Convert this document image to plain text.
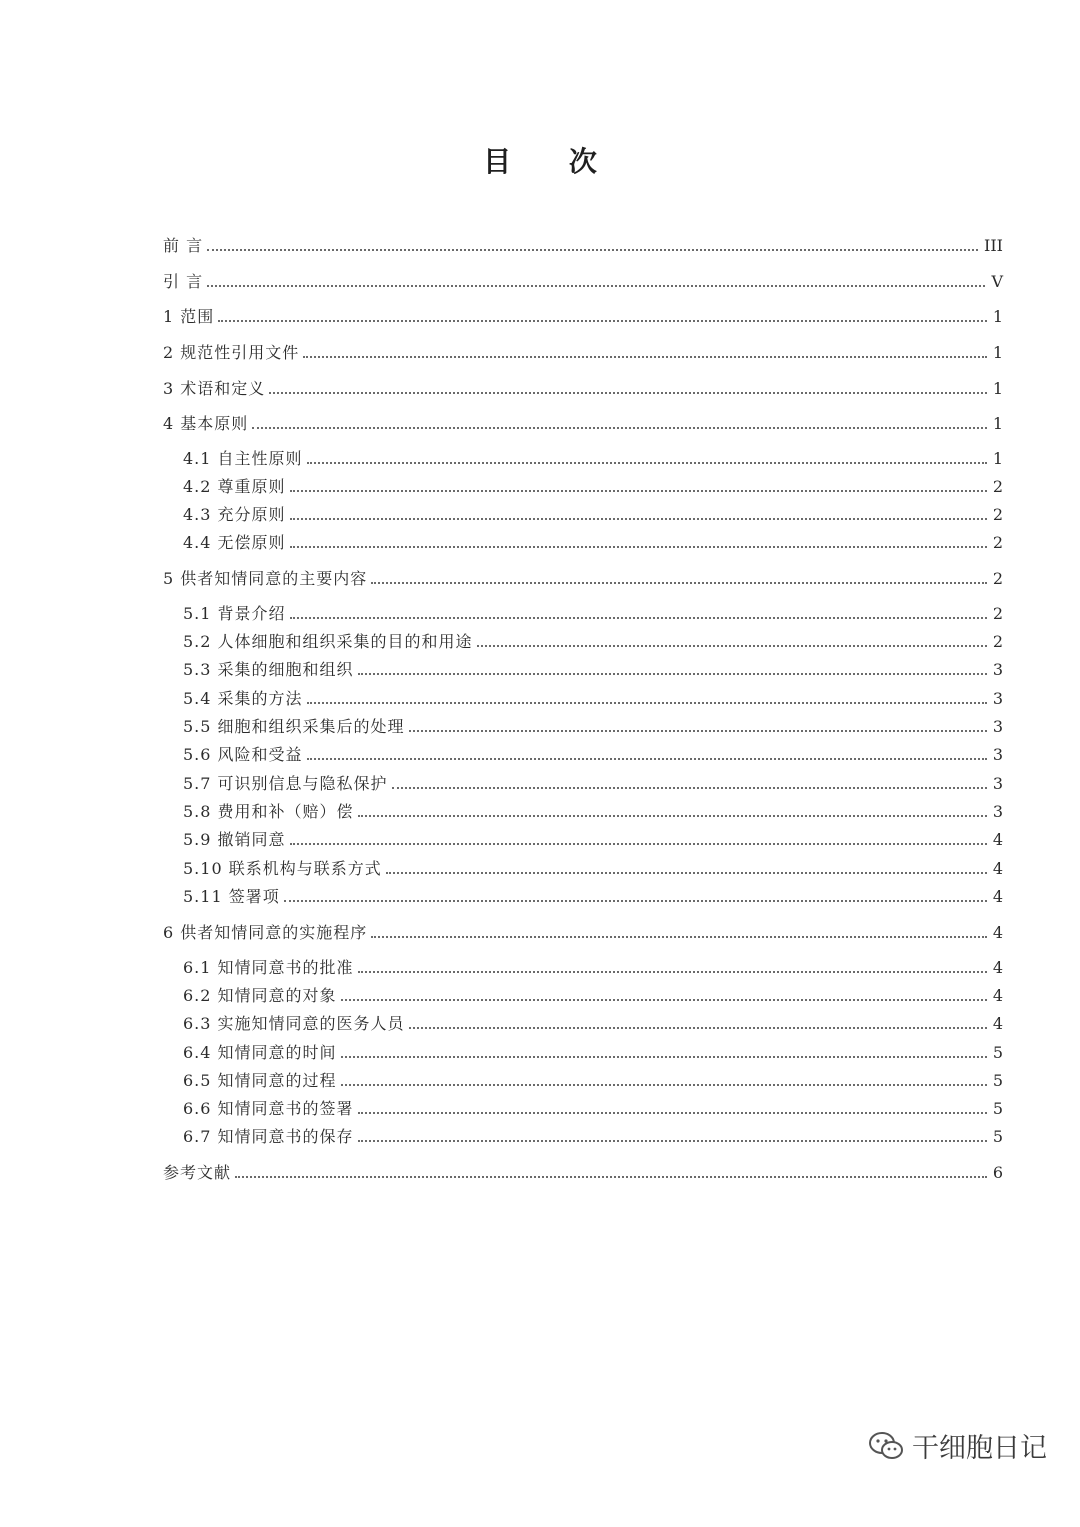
目 次
前 言	III
引 言	V
1 范围	1
2 规范性引用文件	1
3 术语和定义	1
4 基本原则	1
4.1 自主性原则	1
4.2 尊重原则	2
4.3 充分原则	2
4.4 无偿原则	2
5 供者知情同意的主要内容	2
5.1 背景介绍	2
5.2 人体细胞和组织采集的目的和用途	2
5.3 采集的细胞和组织	3
5.4 采集的方法	3
5.5 细胞和组织采集后的处理	3
5.6 风险和受益	3
5.7 可识别信息与隐私保护	3
5.8 费用和补（赔）偿	3
5.9 撤销同意	4
5.10 联系机构与联系方式	4
5.11 签署项	4
6 供者知情同意的实施程序	4
6.1 知情同意书的批准	4
6.2 知情同意的对象	4
6.3 实施知情同意的医务人员	4
6.4 知情同意的时间	5
6.5 知情同意的过程	5
6.6 知情同意书的签署	5
6.7 知情同意书的保存	5
参考文献	6
干细胞日记
